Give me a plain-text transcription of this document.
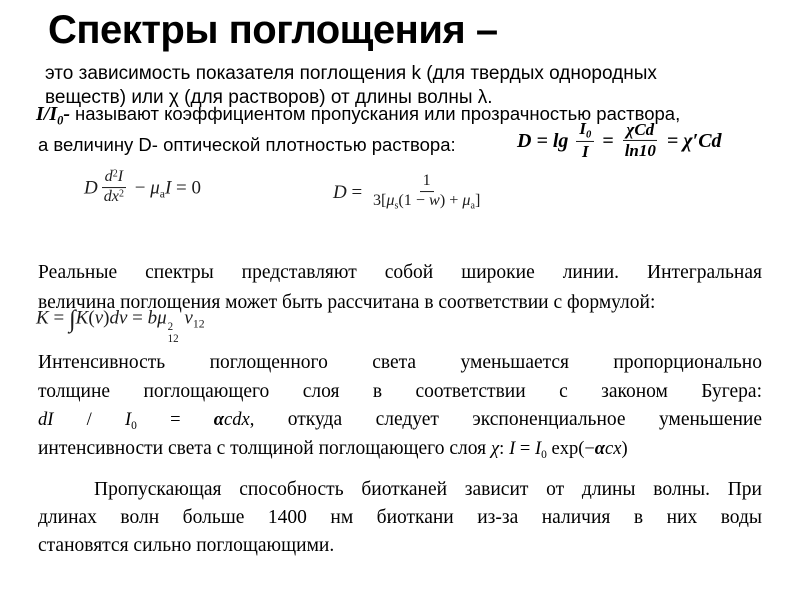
Спектры поглощения –
это зависимость показателя поглощения k (для твердых однородных
веществ) или χ (для растворов) от длины волны λ.
$I/I_0-$ называют коэффициентом пропускания или прозрачностью раствора,
а величину D- оптической плотностью раствора:	$D = \lg \frac{I_0}{I} = \frac{\text{χCd}}{\ln 10} = \chi'Cd$
D $\frac{d^2I}{dx^2} - \mu_aI = 0$	$D = \frac{1}{3[\mu_s(1 - w) + \mu_a]}$
Реальные спектры представляют собой широкие линии. Интегральная
величина поглощения может быть рассчитана в соответствии с формулой:
K = ∫K(ν)dν = bμ 2
12
$\nu_{12}$
Интенсивность поглощенного света уменьшается пропорционально
толщине поглощающего слоя в соответствии с законом Бугера:
dI / $I_0 = \alpha cdx$, откуда следует экспоненциальное уменьшение
интенсивности света с толщиной поглощающего слоя χ: $I = I_0$ exp(−αcx)
Пропускающая способность биотканей зависит от длины волны. При
длинах волн больше 1400 нм биоткани из-за наличия в них воды
становятся сильно поглощающими.
